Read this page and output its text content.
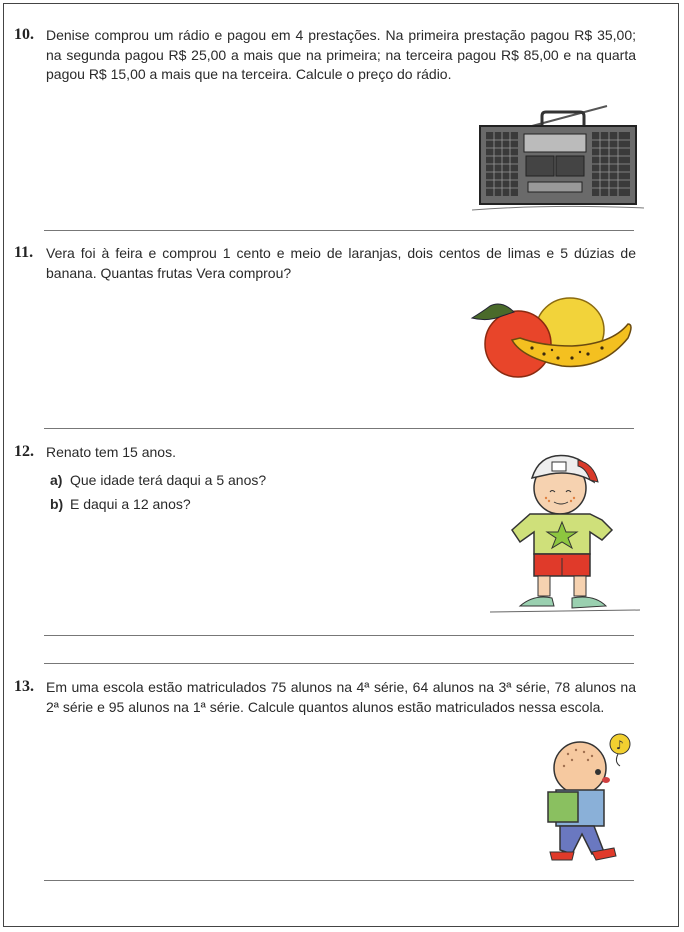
10. Denise comprou um rádio e pagou em 4 prestações. Na primeira prestação pagou R$ 35,00; na segunda pagou R$ 25,00 a mais que na primeira; na terceira pagou R$ 85,00 e na quarta pagou R$ 15,00 a mais que na terceira. Calcule o preço do rádio.
11. Vera foi à feira e comprou 1 cento e meio de laranjas, dois centos de limas e 5 dúzias de banana. Quantas frutas Vera comprou?
12. Renato tem 15 anos.
a) Que idade terá daqui a 5 anos?
b) E daqui a 12 anos?
13. Em uma escola estão matriculados 75 alunos na 4ª série, 64 alunos na 3ª série, 78 alunos na 2ª série e 95 alunos na 1ª série. Calcule quantos alunos estão matriculados nessa escola.
♪
